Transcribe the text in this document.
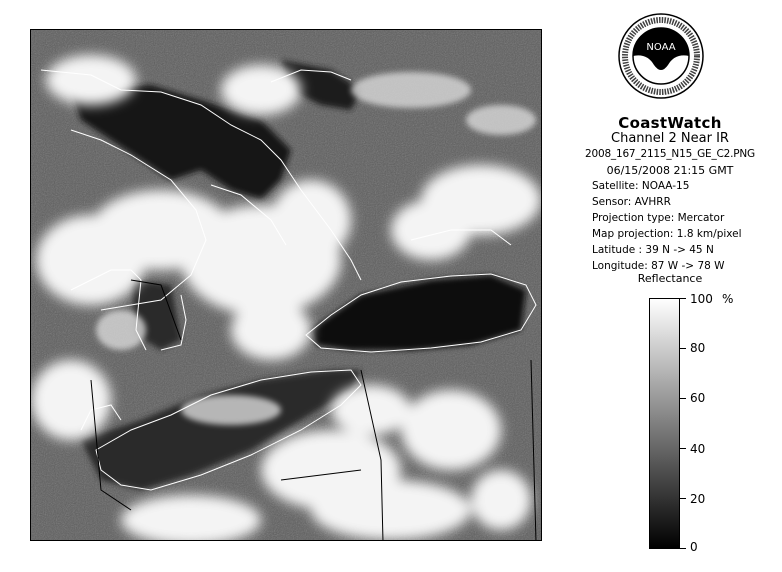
NOAA
CoastWatch
Channel 2 Near IR
2008_167_2115_N15_GE_C2.PNG
06/15/2008 21:15 GMT
Satellite: NOAA-15
Sensor: AVHRR
Projection type: Mercator
Map projection: 1.8 km/pixel
Latitude : 39 N -> 45 N
Longitude: 87 W -> 78 W
Reflectance
%
100
80
60
40
20
0
